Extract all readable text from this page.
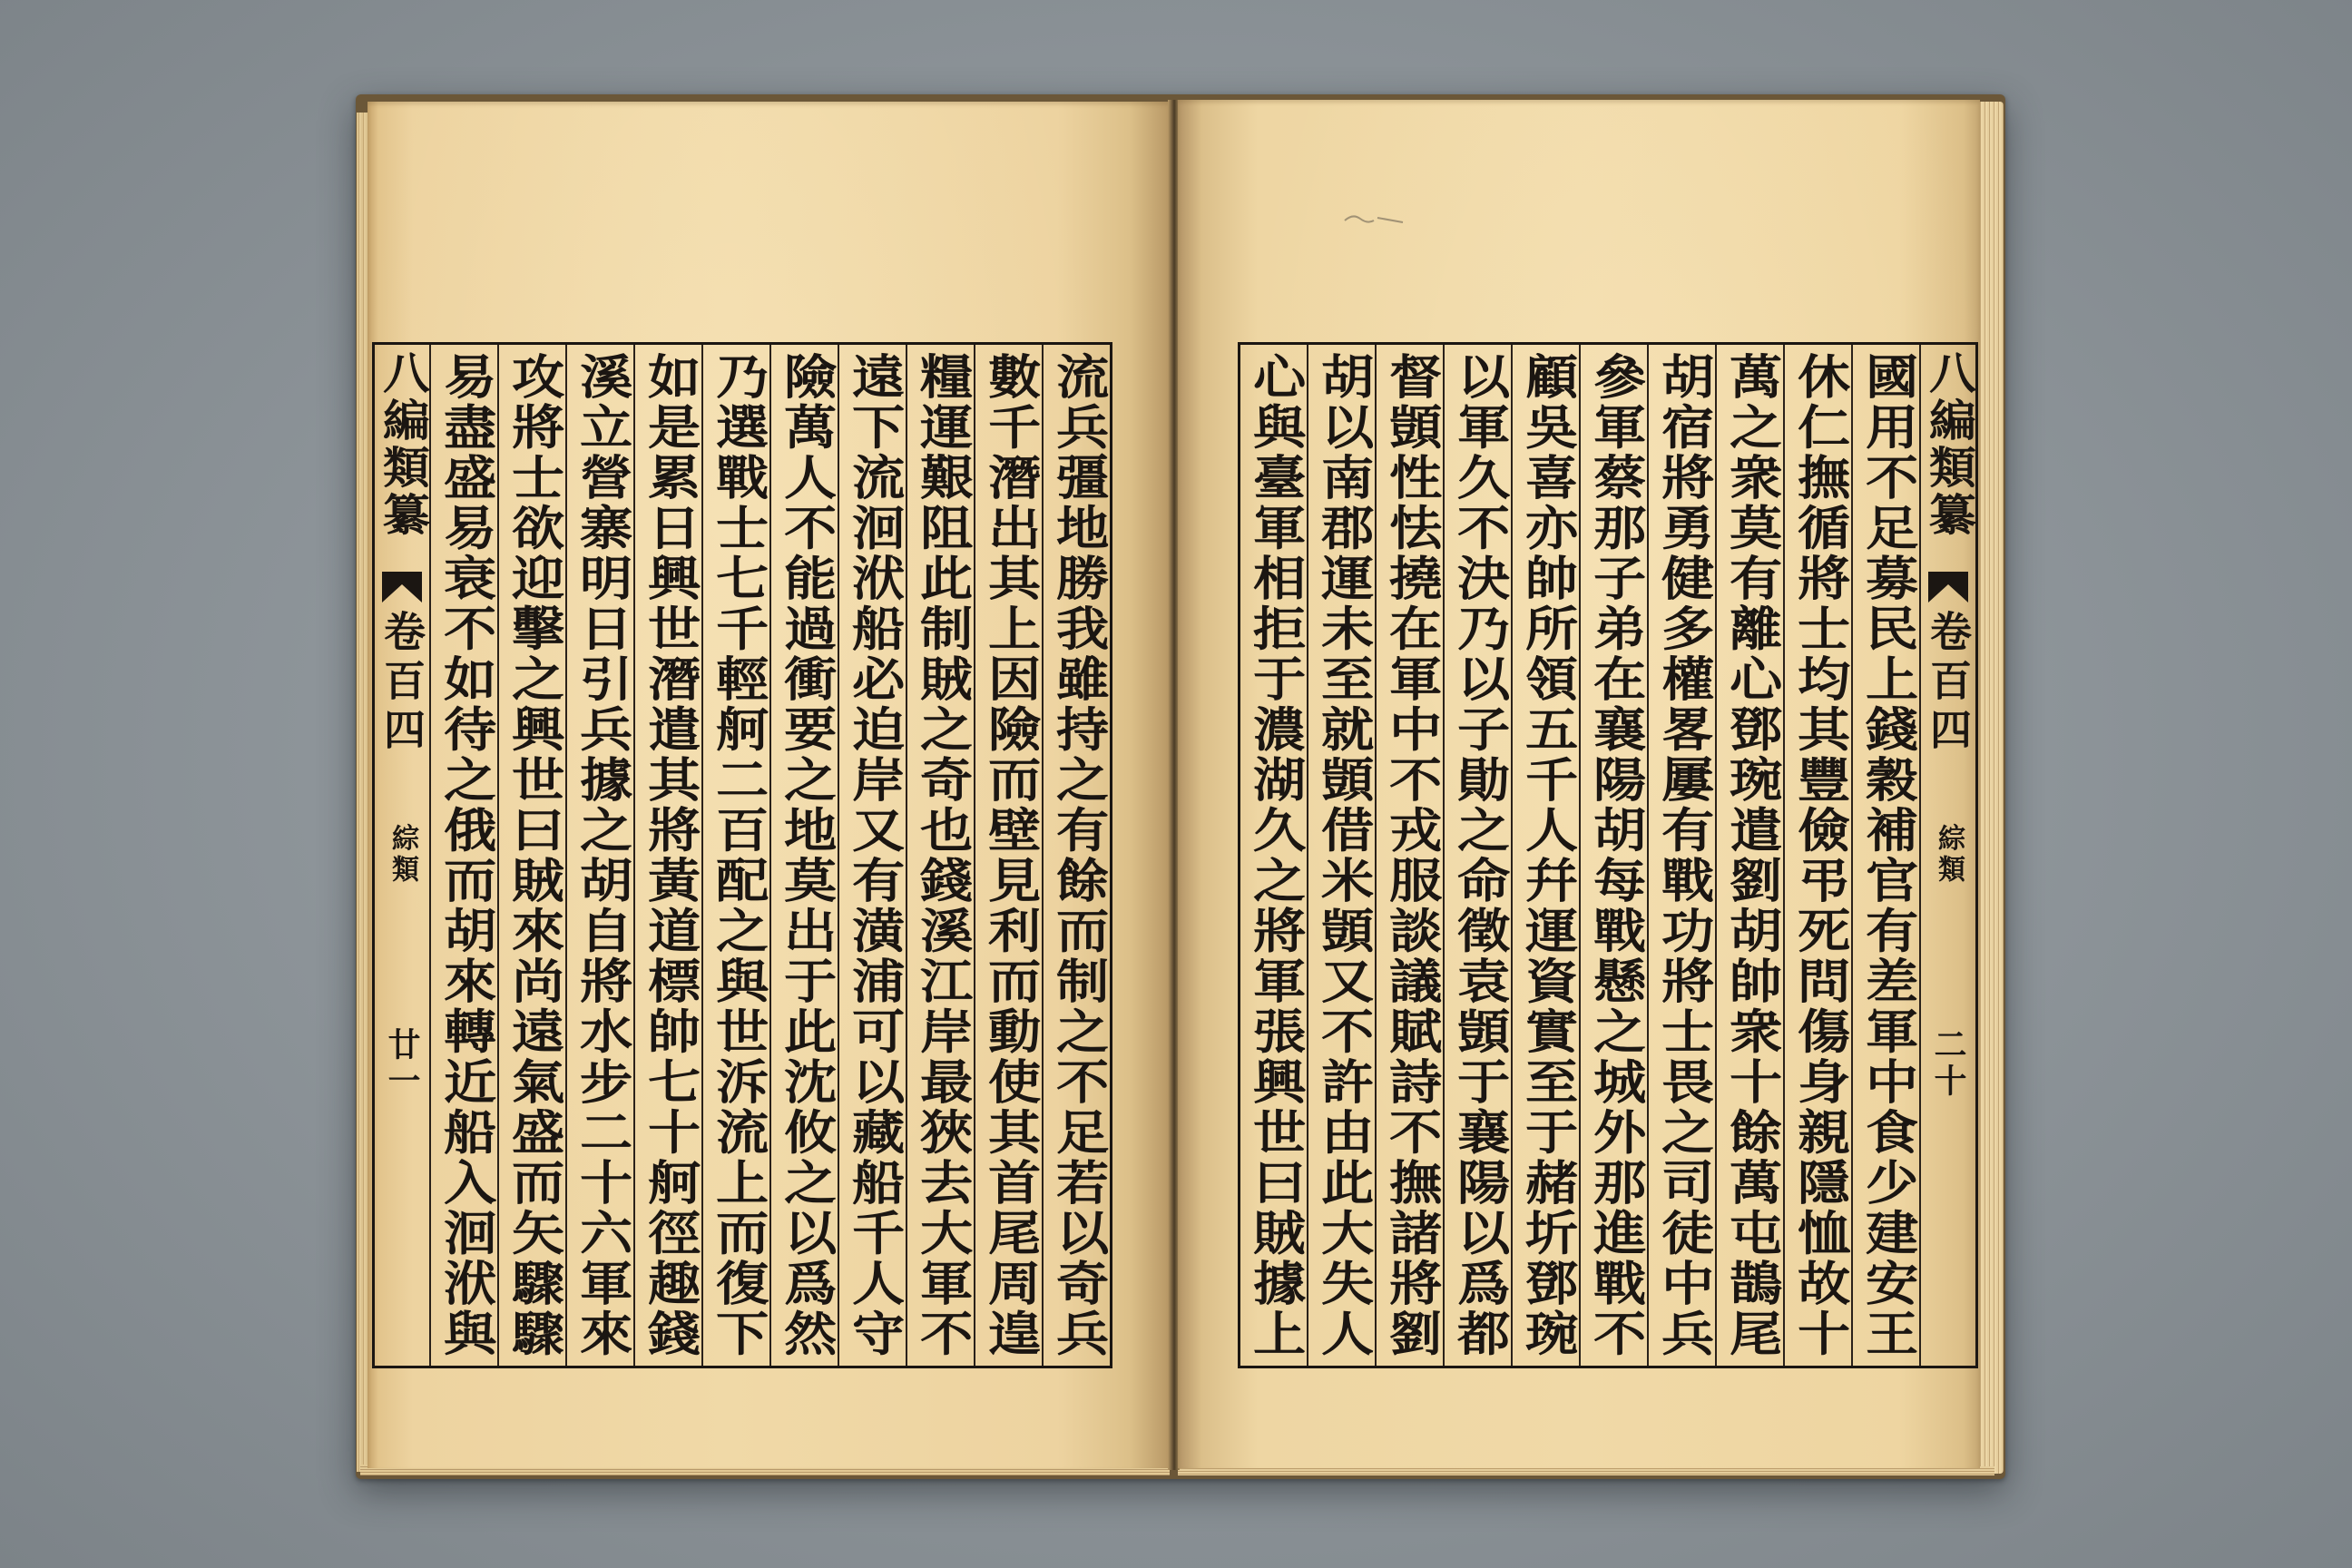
流兵彊地勝我雖持之有餘而制之不足若以奇兵
數千潛出其上因險而壁見利而動使其首尾周遑
糧運艱阻此制賊之奇也錢溪江岸最狹去大軍不
遠下流洄洑船必迫岸又有潢浦可以藏船千人守
險萬人不能過衝要之地莫出于此沈攸之以爲然
乃選戰士七千輕舸二百配之與世泝流上而復下
如是累日興世潛遣其將黃道標帥七十舸徑趣錢
溪立營寨明日引兵據之胡自將水步二十六軍來
攻將士欲迎擊之興世曰賊來尚遠氣盛而矢驟驟
易盡盛易衰不如待之俄而胡來轉近船入洄洑與
八編類纂
卷百四
綜類
廿一
八編類纂
卷百四
綜類
二十
國用不足募民上錢穀補官有差軍中食少建安王
休仁撫循將士均其豐儉弔死問傷身親隱恤故十
萬之衆莫有離心鄧琬遣劉胡帥衆十餘萬屯鵲尾
胡宿將勇健多權畧屢有戰功將士畏之司徒中兵
參軍蔡那子弟在襄陽胡每戰懸之城外那進戰不
顧吳喜亦帥所領五千人幷運資實至于赭圻鄧琬
以軍久不決乃以子勛之命徵袁顗于襄陽以爲都
督顗性怯撓在軍中不戎服談議賦詩不撫諸將劉
胡以南郡運未至就顗借米顗又不許由此大失人
心與臺軍相拒于濃湖久之將軍張興世曰賊據上
